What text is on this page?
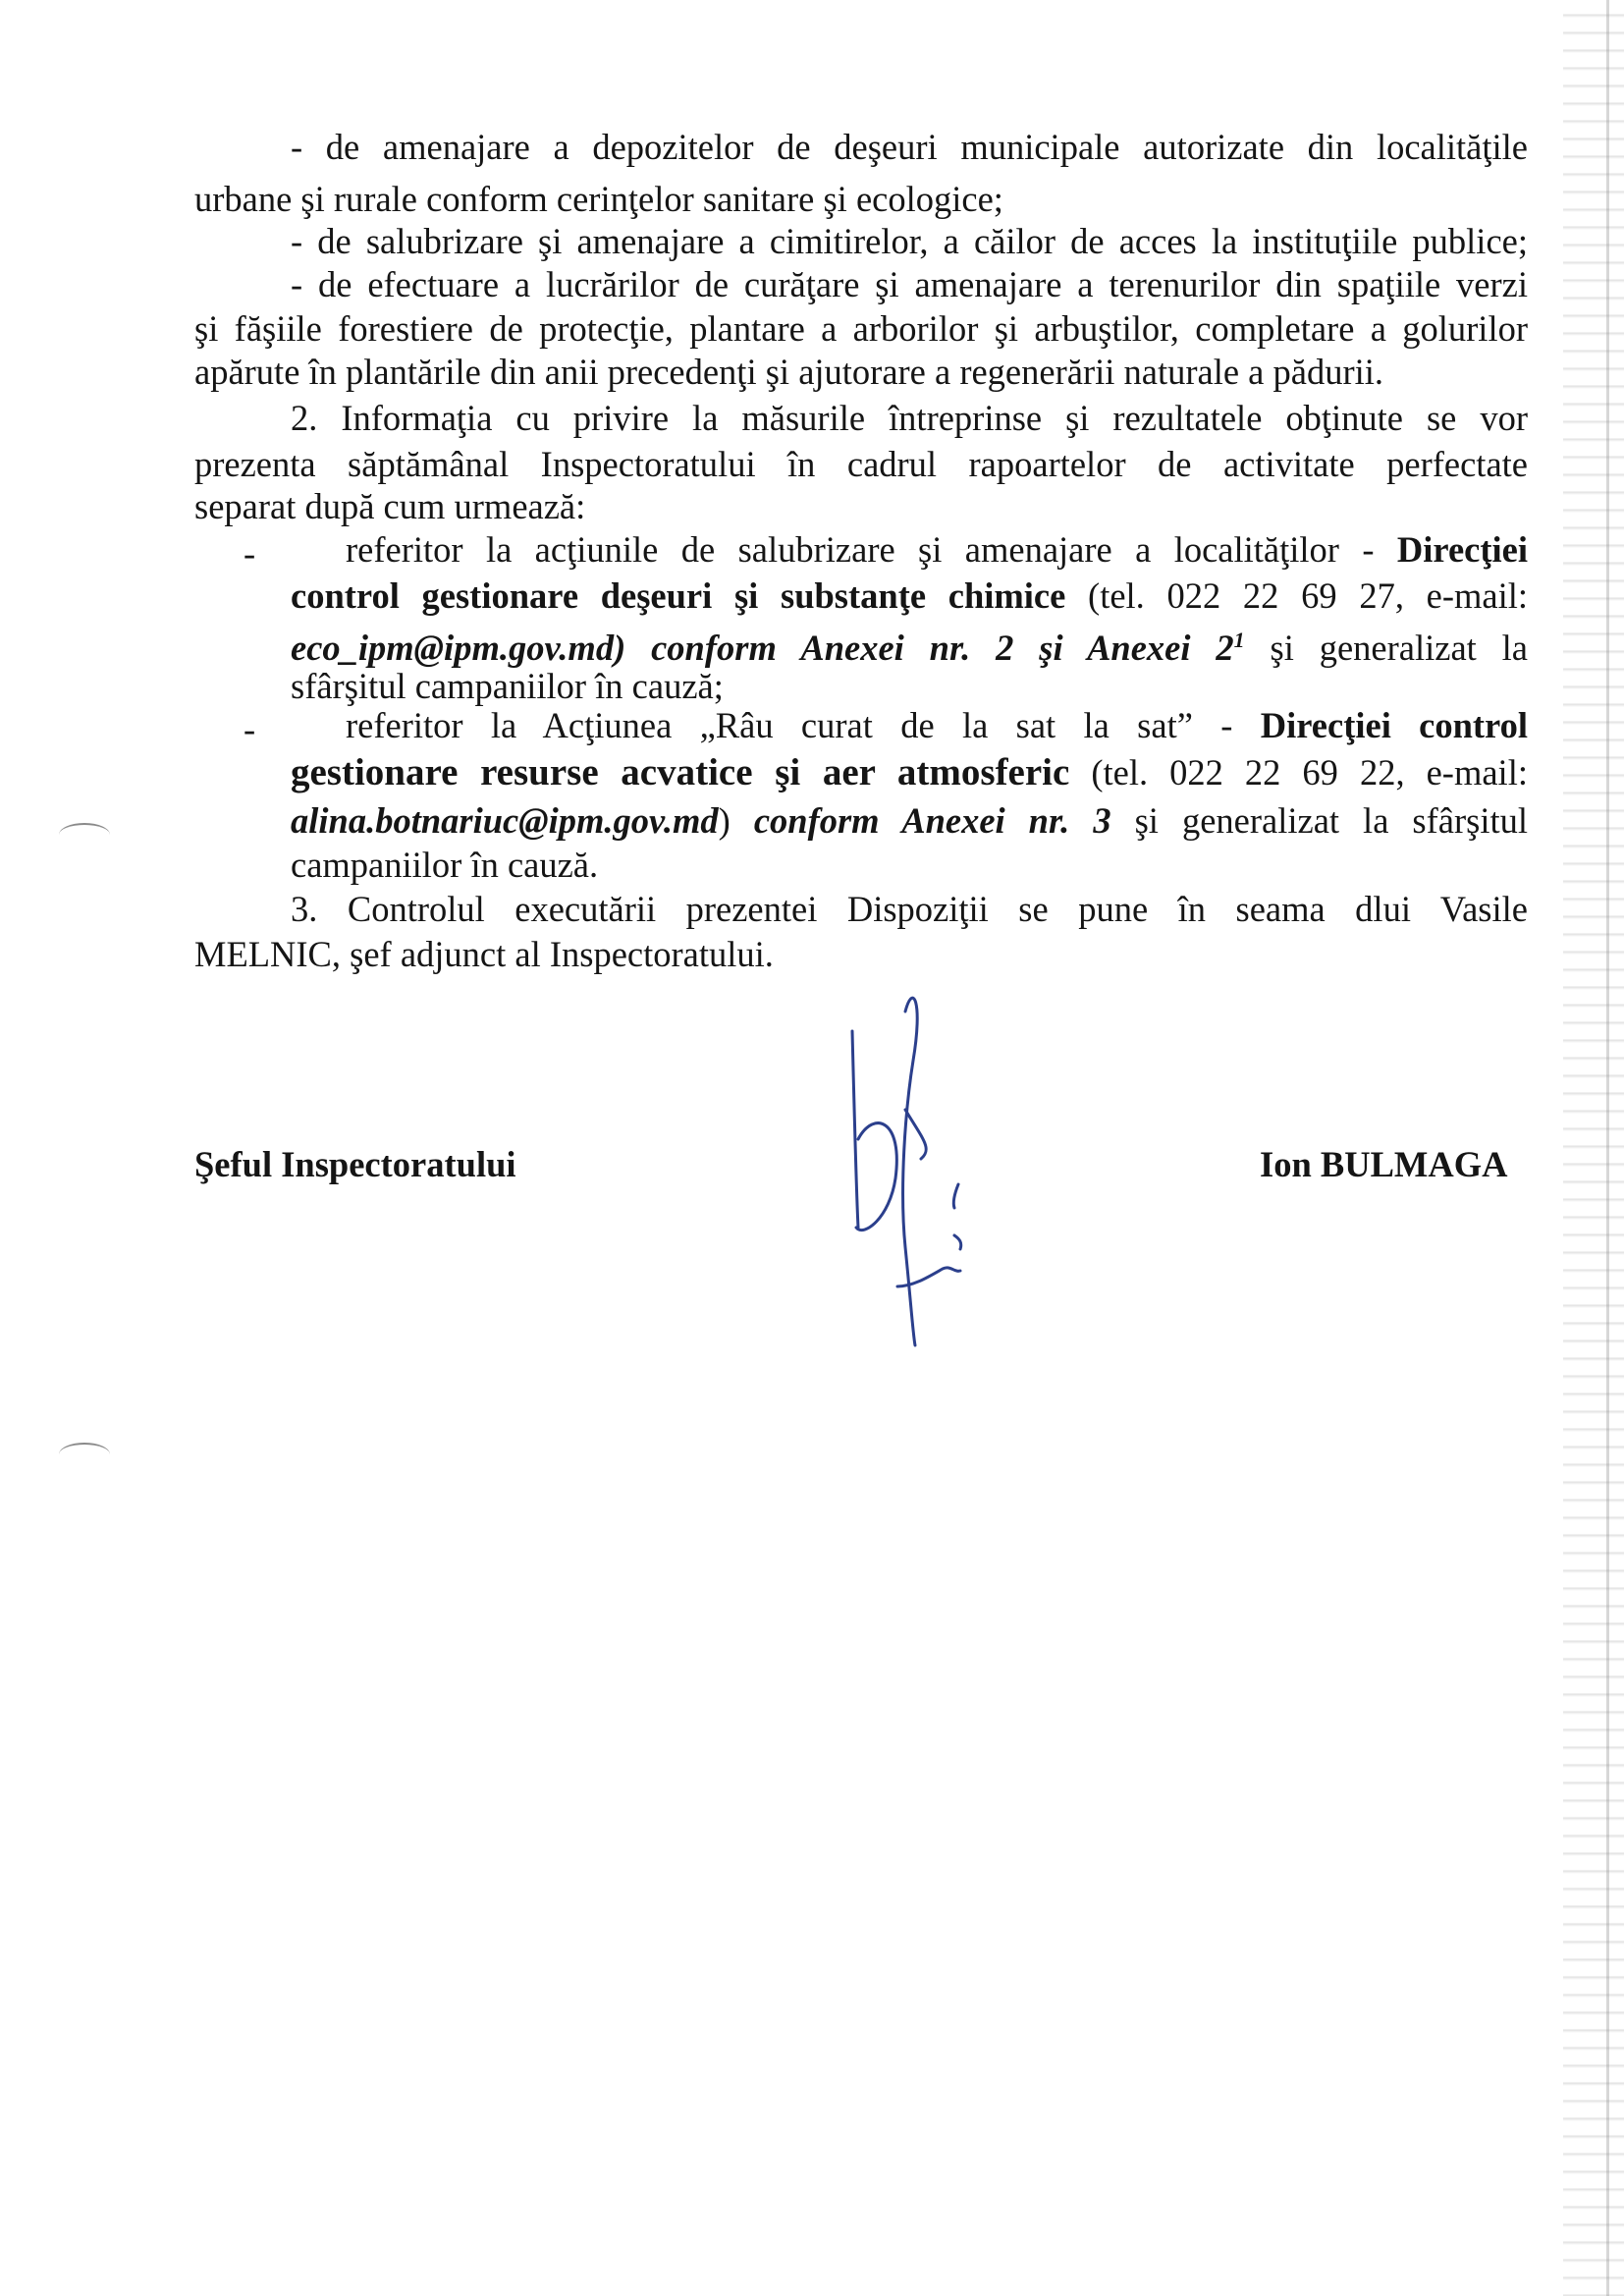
- de amenajare a depozitelor de deşeuri municipale autorizate din localităţile
urbane şi rurale conform cerinţelor sanitare şi ecologice;
- de salubrizare şi amenajare a cimitirelor, a căilor de acces la instituţiile publice;
- de efectuare a lucrărilor de curăţare şi amenajare a terenurilor din spaţiile verzi
şi făşiile forestiere de protecţie, plantare a arborilor şi arbuştilor, completare a golurilor
apărute în plantările din anii precedenţi şi ajutorare a regenerării naturale a pădurii.
2. Informaţia cu privire la măsurile întreprinse şi rezultatele obţinute se vor
prezenta săptămânal Inspectoratului în cadrul rapoartelor de activitate perfectate
separat după cum urmează:
-	referitor la acţiunile de salubrizare şi amenajare a localităţilor - Direcţiei
control gestionare deşeuri şi substanţe chimice (tel. 022 22 69 27, e-mail:
eco_ipm@ipm.gov.md) conform Anexei nr. 2 şi Anexei $2^1$ şi generalizat la
sfârşitul campaniilor în cauză;
-	referitor la Acţiunea „Râu curat de la sat la sat” - Direcţiei control
gestionare resurse acvatice şi aer atmosferic (tel. 022 22 69 22, e-mail:
alina.botnariuc@ipm.gov.md) conform Anexei nr. 3 şi generalizat la sfârşitul
campaniilor în cauză.
3. Controlul executării prezentei Dispoziţii se pune în seama dlui Vasile
MELNIC, şef adjunct al Inspectoratului.
Şeful Inspectoratului	Ion BULMAGA
